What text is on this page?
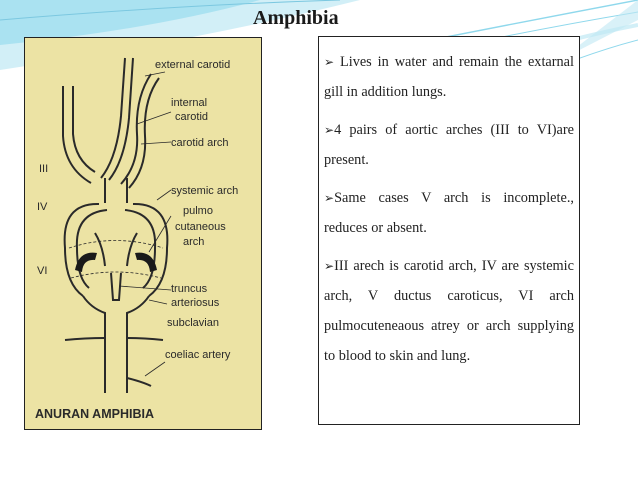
Amphibia
external carotid
internal
carotid
carotid arch
systemic arch
pulmo
cutaneous
arch
truncus
arteriosus
subclavian
coeliac artery
III
IV
VI
ANURAN AMPHIBIA
➢ Lives in water and remain the extarnal gill in addition lungs.
➢4 pairs of aortic arches (III to VI)are present.
➢Same cases V arch is incomplete., reduces or absent.
➢III arech is carotid arch, IV are systemic arch, V ductus caroticus, VI arch pulmocuteneaous atrey or arch supplying to blood to skin and lung.
